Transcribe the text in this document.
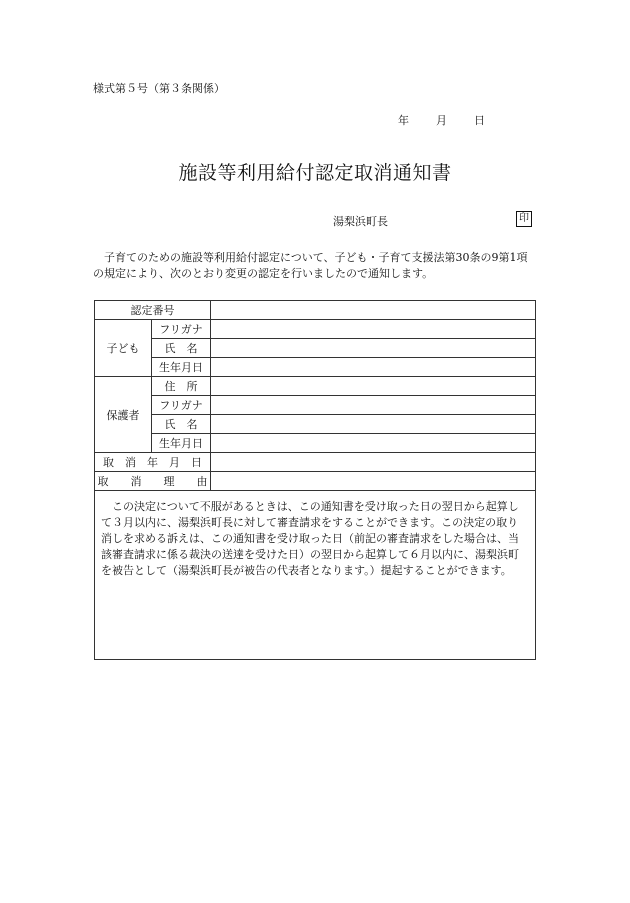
様式第５号（第３条関係）
年 月 日
施設等利用給付認定取消通知書
湯梨浜町長	印
子育てのための施設等利用給付認定について、子ども・子育て支援法第30条の9第1項の規定により、次のとおり変更の認定を行いましたので通知します。
認定番号		
子ども	フリガナ	
	氏　名	
	生年月日	
保護者	住　所	
	フリガナ	
	氏　名	
	生年月日	
取　消　年　月　日		
取　　消　　理　　由		
この決定について不服があるときは、この通知書を受け取った日の翌日から起算して３月以内に、湯梨浜町長に対して審査請求をすることができます。この決定の取り消しを求める訴えは、この通知書を受け取った日（前記の審査請求をした場合は、当該審査請求に係る裁決の送達を受けた日）の翌日から起算して６月以内に、湯梨浜町を被告として（湯梨浜町長が被告の代表者となります。）提起することができます。		
